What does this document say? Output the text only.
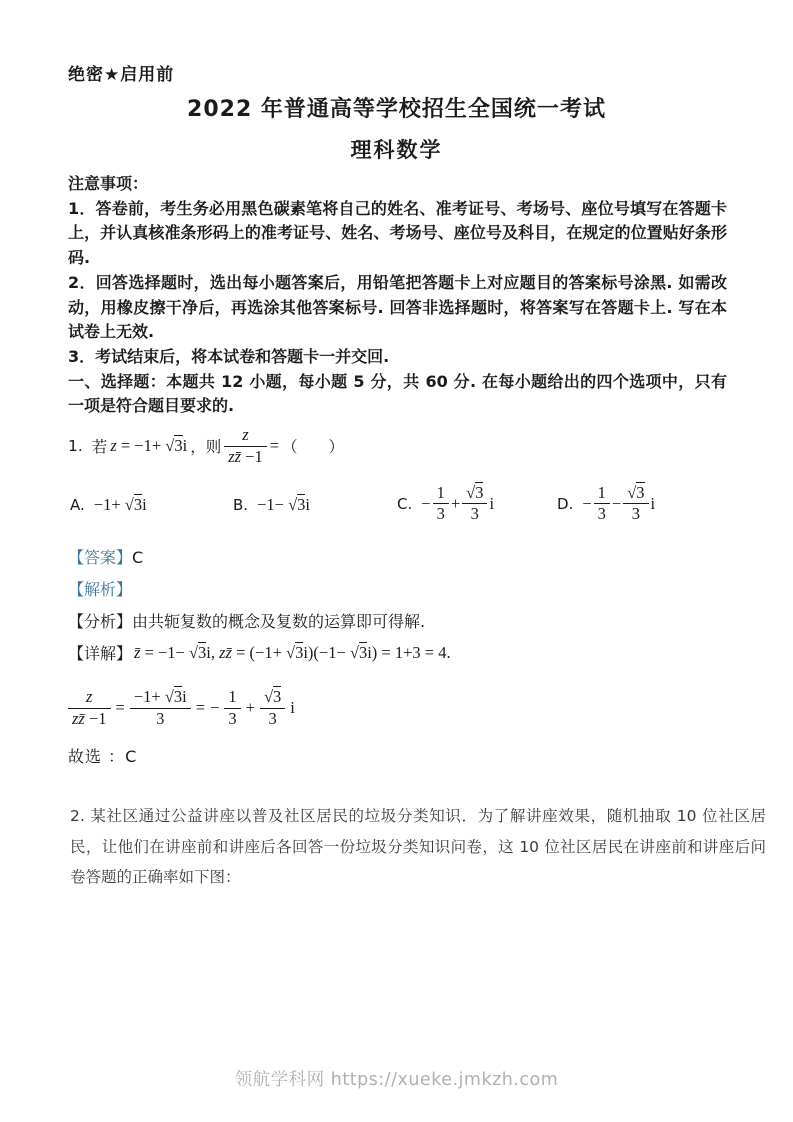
绝密★启用前
2022 年普通高等学校招生全国统一考试
理科数学

注意事项：

1．答卷前，考生务必用黑色碳素笔将自己的姓名、准考证号、考场号、座位号填写在答题卡上，并认真核准条形码上的准考证号、姓名、考场号、座位号及科目，在规定的位置贴好条形码.

2．回答选择题时，选出每小题答案后，用铅笔把答题卡上对应题目的答案标号涂黑. 如需改动，用橡皮擦干净后，再选涂其他答案标号. 回答非选择题时，将答案写在答题卡上. 写在本试卷上无效.

3．考试结束后，将本试卷和答题卡一并交回.

一、选择题：本题共 12 小题，每小题 5 分，共 60 分. 在每小题给出的四个选项中，只有一项是符合题目要求的.

1. 若 z = −1+ √ 3i ，则 $\frac{z}{zz̄ -1}$ = （　　）
A. −1+ √ 3i	B. −1− √ 3i	C. − $\frac{1}{3}$ + √ $\frac{3}{3}$ i	D. − $\frac{1}{3}$ − √ $\frac{3}{3}$ i
【答案】C
【解析】
【分析】由共轭复数的概念及复数的运算即可得解.
【详解】 z̄ = −1− √ 3i, zz̄ = (−1+ √ 3i)(−1− √ 3i) = 1+3 = 4.
$\frac{z}{zz̄ -1} = \frac{-1+ √ 3i}{3}$ = − $\frac{1}{3}$ + √ $\frac{3}{3}$ i
故选 ：C
2. 某社区通过公益讲座以普及社区居民的垃圾分类知识．为了解讲座效果，随机抽取 10 位社区居民，让他们在讲座前和讲座后各回答一份垃圾分类知识问卷，这 10 位社区居民在讲座前和讲座后问卷答题的正确率如下图：
领航学科网 https://xueke.jmkzh.com
